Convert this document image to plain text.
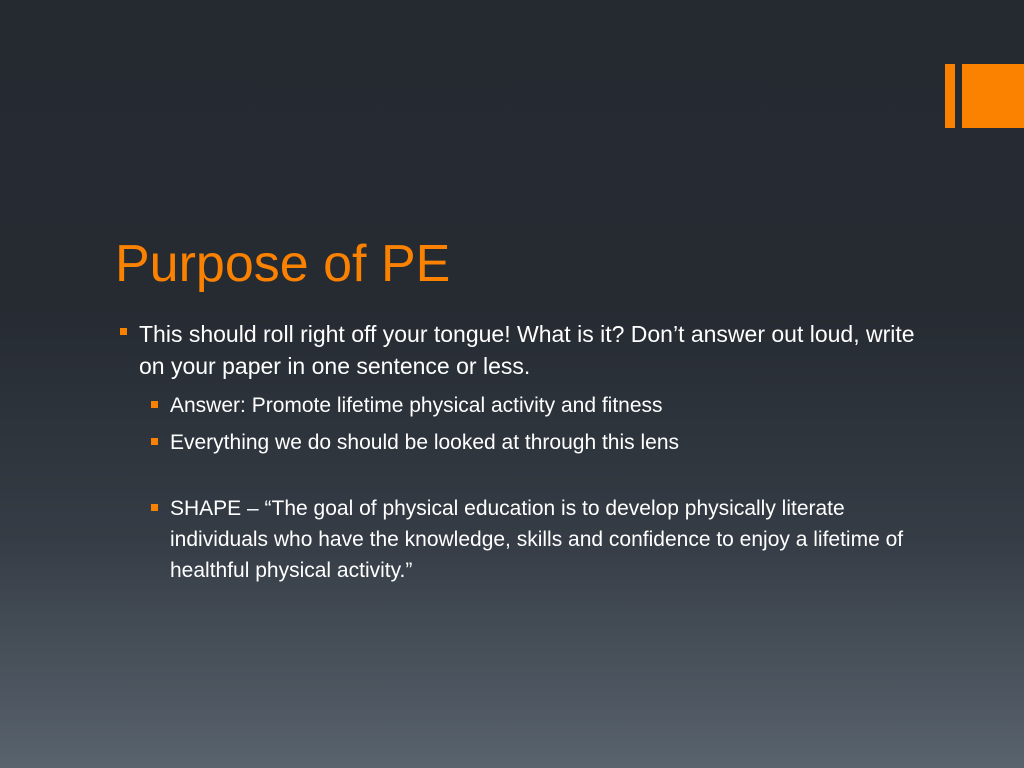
Purpose of PE

This should roll right off your tongue! What is it? Don’t answer out loud, write on your paper in one sentence or less.

Answer: Promote lifetime physical activity and fitness

Everything we do should be looked at through this lens

SHAPE – “The goal of physical education is to develop physically literate individuals who have the knowledge, skills and confidence to enjoy a lifetime of healthful physical activity.”
